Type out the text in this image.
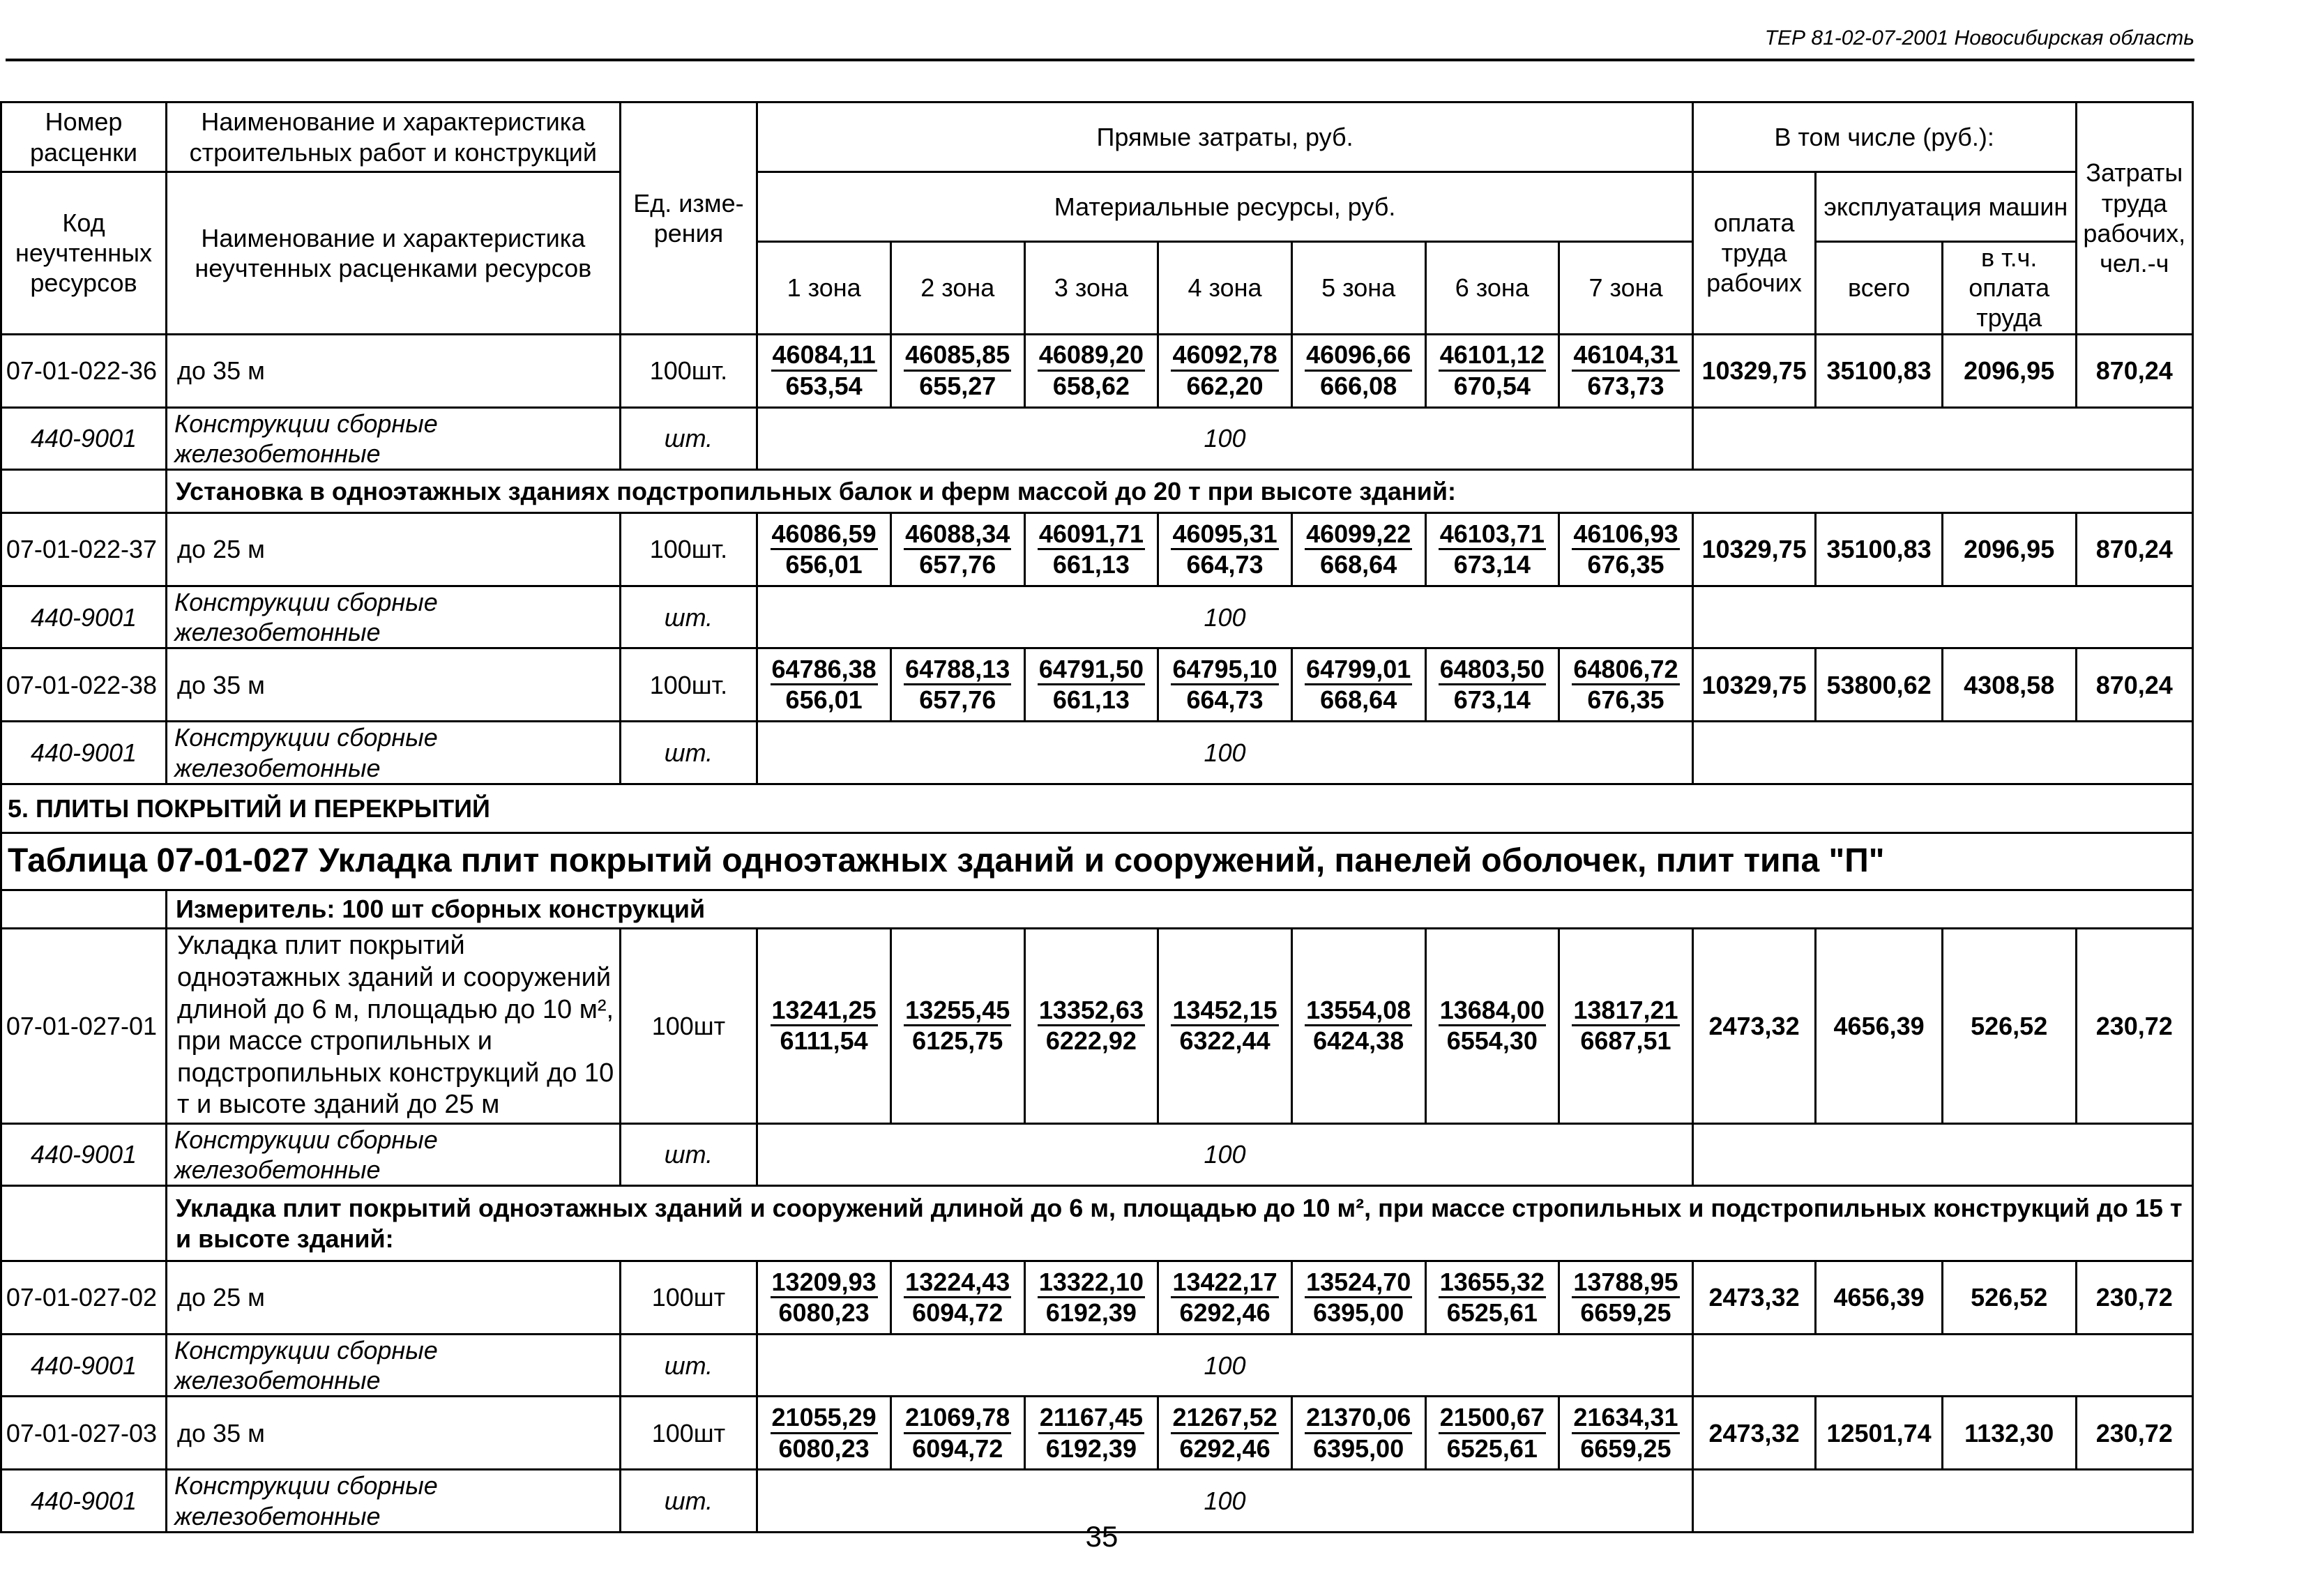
ТЕР 81-02-07-2001 Новосибирская область
Номер расценки	Наименование и характеристика строительных работ и конструкций	Ед. изме-рения	Прямые затраты, руб.							В том числе (руб.):			Затраты труда рабочих, чел.-ч
Код неучтенных ресурсов	Наименование и характеристика неучтенных расценками ресурсов		Материальные ресурсы, руб.							оплата труда рабочих	эксплуатация машин		
			1 зона	2 зона	3 зона	4 зона	5 зона	6 зона	7 зона		всего	в т.ч. оплата труда	
07-01-022-36	до 35 м	100шт.	$\frac{46084,11}{653,54}$	$\frac{46085,85}{655,27}$	$\frac{46089,20}{658,62}$	$\frac{46092,78}{662,20}$	$\frac{46096,66}{666,08}$	$\frac{46101,12}{670,54}$	$\frac{46104,31}{673,73}$	10329,75	35100,83	2096,95	870,24
440-9001	Конструкции сборные железобетонные	шт.	100										
	Установка в одноэтажных зданиях подстропильных балок и ферм массой до 20 т при высоте зданий:												
07-01-022-37	до 25 м	100шт.	$\frac{46086,59}{656,01}$	$\frac{46088,34}{657,76}$	$\frac{46091,71}{661,13}$	$\frac{46095,31}{664,73}$	$\frac{46099,22}{668,64}$	$\frac{46103,71}{673,14}$	$\frac{46106,93}{676,35}$	10329,75	35100,83	2096,95	870,24
440-9001	Конструкции сборные железобетонные	шт.	100										
07-01-022-38	до 35 м	100шт.	$\frac{64786,38}{656,01}$	$\frac{64788,13}{657,76}$	$\frac{64791,50}{661,13}$	$\frac{64795,10}{664,73}$	$\frac{64799,01}{668,64}$	$\frac{64803,50}{673,14}$	$\frac{64806,72}{676,35}$	10329,75	53800,62	4308,58	870,24
440-9001	Конструкции сборные железобетонные	шт.	100										
5. ПЛИТЫ ПОКРЫТИЙ И ПЕРЕКРЫТИЙ													
Таблица 07-01-027 Укладка плит покрытий одноэтажных зданий и сооружений, панелей оболочек, плит типа "П"													
	Измеритель: 100 шт сборных конструкций												
07-01-027-01	Укладка плит покрытий одноэтажных зданий и сооружений длиной до 6 м, площадью до 10 м², при массе стропильных и подстропильных конструкций до 10 т и высоте зданий до 25 м	100шт	$\frac{13241,25}{6111,54}$	$\frac{13255,45}{6125,75}$	$\frac{13352,63}{6222,92}$	$\frac{13452,15}{6322,44}$	$\frac{13554,08}{6424,38}$	$\frac{13684,00}{6554,30}$	$\frac{13817,21}{6687,51}$	2473,32	4656,39	526,52	230,72
440-9001	Конструкции сборные железобетонные	шт.	100										
	Укладка плит покрытий одноэтажных зданий и сооружений длиной до 6 м, площадью до 10 м², при массе стропильных и подстропильных конструкций до 15 т и высоте зданий:												
07-01-027-02	до 25 м	100шт	$\frac{13209,93}{6080,23}$	$\frac{13224,43}{6094,72}$	$\frac{13322,10}{6192,39}$	$\frac{13422,17}{6292,46}$	$\frac{13524,70}{6395,00}$	$\frac{13655,32}{6525,61}$	$\frac{13788,95}{6659,25}$	2473,32	4656,39	526,52	230,72
440-9001	Конструкции сборные железобетонные	шт.	100										
07-01-027-03	до 35 м	100шт	$\frac{21055,29}{6080,23}$	$\frac{21069,78}{6094,72}$	$\frac{21167,45}{6192,39}$	$\frac{21267,52}{6292,46}$	$\frac{21370,06}{6395,00}$	$\frac{21500,67}{6525,61}$	$\frac{21634,31}{6659,25}$	2473,32	12501,74	1132,30	230,72
440-9001	Конструкции сборные железобетонные	шт.	100										
35
